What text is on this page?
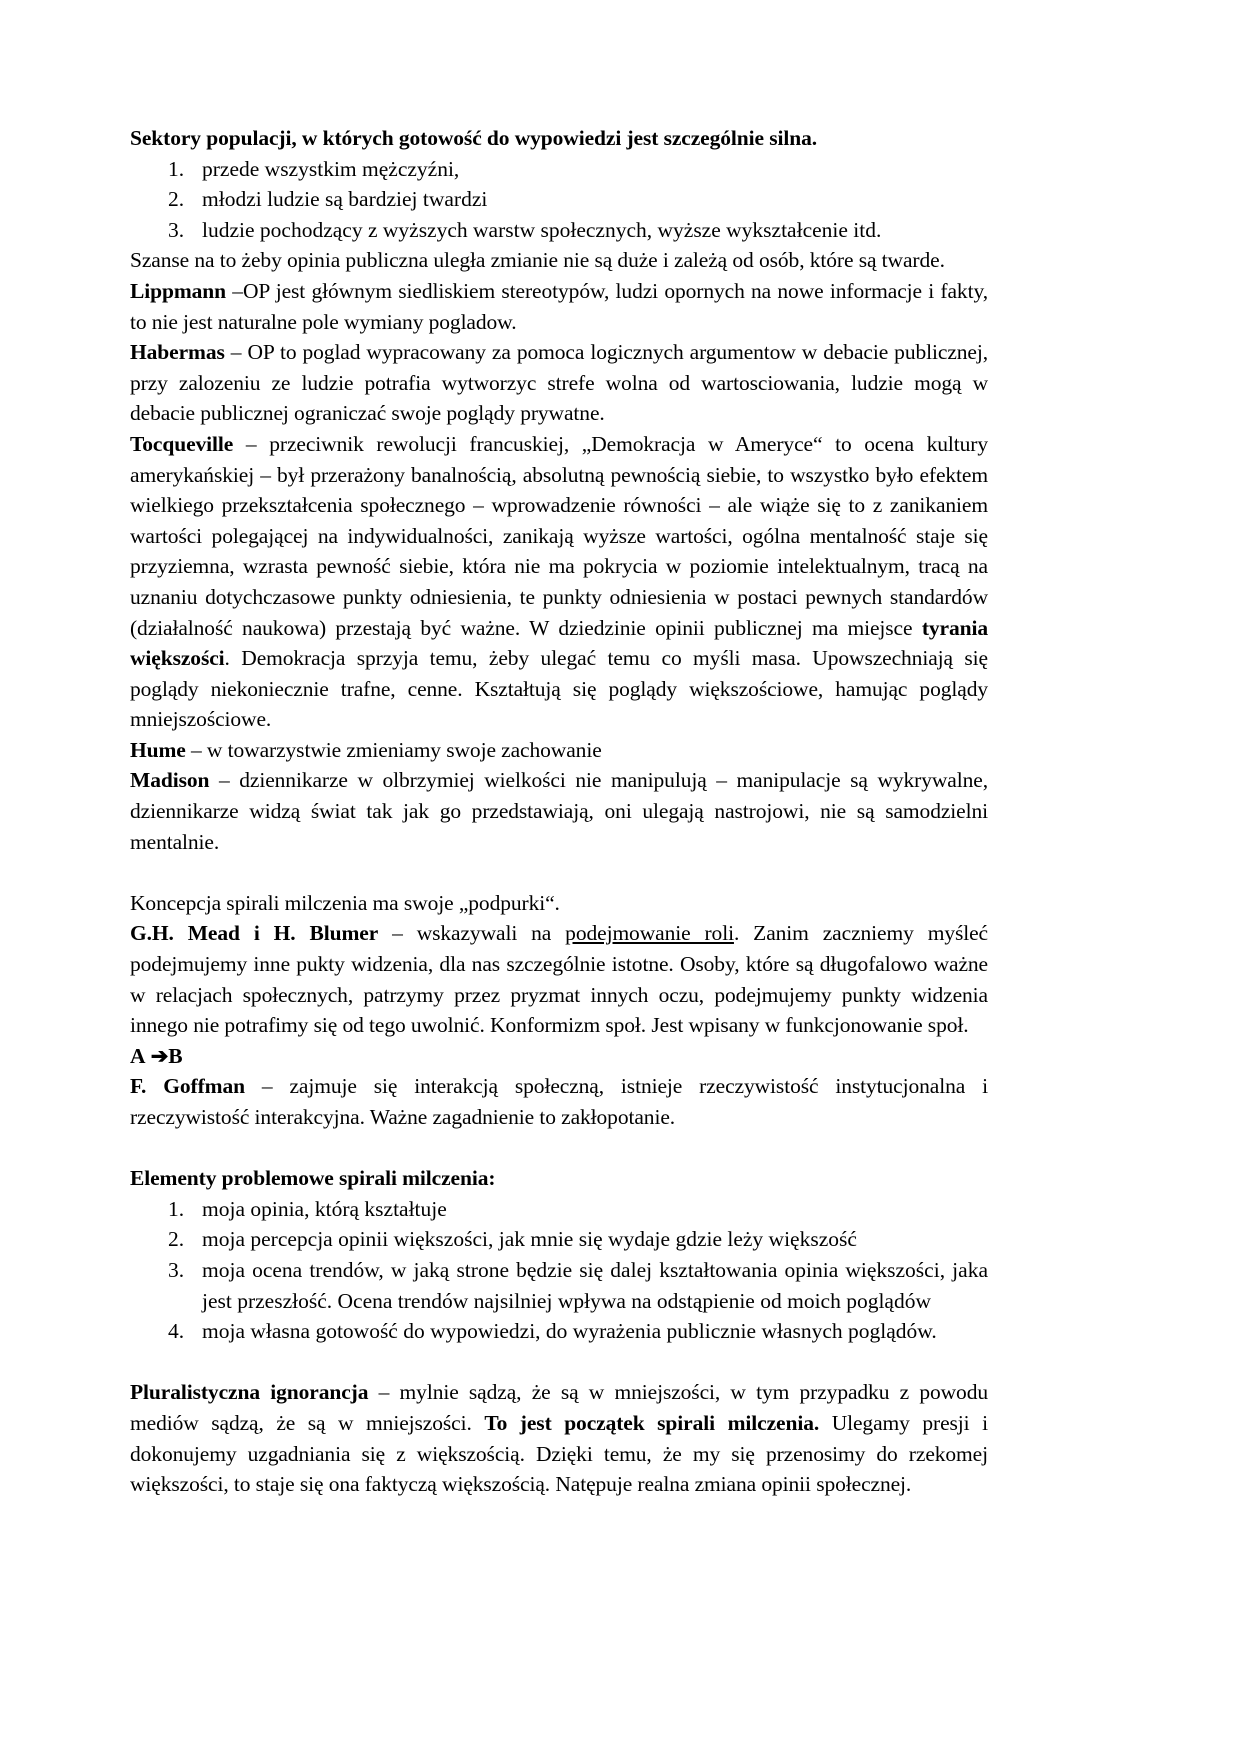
Sektory populacji, w których gotowość do wypowiedzi jest szczególnie silna.

1. przede wszystkim mężczyźni,
2. młodzi ludzie są bardziej twardzi
3. ludzie pochodzący z wyższych warstw społecznych, wyższe wykształcenie itd.

Szanse na to żeby opinia publiczna uległa zmianie nie są duże i zależą od osób, które są twarde.

Lippmann –OP jest głównym siedliskiem stereotypów, ludzi opornych na nowe informacje i fakty, to nie jest naturalne pole wymiany pogladow.

Habermas – OP to poglad wypracowany za pomoca logicznych argumentow w debacie publicznej, przy zalozeniu ze ludzie potrafia wytworzyc strefe wolna od wartosciowania, ludzie mogą w debacie publicznej ograniczać swoje poglądy prywatne.

Tocqueville – przeciwnik rewolucji francuskiej, „Demokracja w Ameryce“ to ocena kultury amerykańskiej – był przerażony banalnością, absolutną pewnością siebie, to wszystko było efektem wielkiego przekształcenia społecznego – wprowadzenie równości – ale wiąże się to z zanikaniem wartości polegającej na indywidualności, zanikają wyższe wartości, ogólna mentalność staje się przyziemna, wzrasta pewność siebie, która nie ma pokrycia w poziomie intelektualnym, tracą na uznaniu dotychczasowe punkty odniesienia, te punkty odniesienia w postaci pewnych standardów (działalność naukowa) przestają być ważne. W dziedzinie opinii publicznej ma miejsce tyrania większości. Demokracja sprzyja temu, żeby ulegać temu co myśli masa. Upowszechniają się poglądy niekoniecznie trafne, cenne. Kształtują się poglądy większościowe, hamując poglądy mniejszościowe.

Hume – w towarzystwie zmieniamy swoje zachowanie

Madison – dziennikarze w olbrzymiej wielkości nie manipulują – manipulacje są wykrywalne, dziennikarze widzą świat tak jak go przedstawiają, oni ulegają nastrojowi, nie są samodzielni mentalnie.

Koncepcja spirali milczenia ma swoje „podpurki“.

G.H. Mead i H. Blumer – wskazywali na podejmowanie roli. Zanim zaczniemy myśleć podejmujemy inne pukty widzenia, dla nas szczególnie istotne. Osoby, które są długofalowo ważne w relacjach społecznych, patrzymy przez pryzmat innych oczu, podejmujemy punkty widzenia innego nie potrafimy się od tego uwolnić. Konformizm społ. Jest wpisany w funkcjonowanie społ.

A ➔B

F. Goffman – zajmuje się interakcją społeczną, istnieje rzeczywistość instytucjonalna i rzeczywistość interakcyjna. Ważne zagadnienie to zakłopotanie.

Elementy problemowe spirali milczenia:

1. moja opinia, którą kształtuje
2. moja percepcja opinii większości, jak mnie się wydaje gdzie leży większość
3. moja ocena trendów, w jaką strone będzie się dalej kształtowania opinia większości, jaka jest przeszłość. Ocena trendów najsilniej wpływa na odstąpienie od moich poglądów
4. moja własna gotowość do wypowiedzi, do wyrażenia publicznie własnych poglądów.

Pluralistyczna ignorancja – mylnie sądzą, że są w mniejszości, w tym przypadku z powodu mediów sądzą, że są w mniejszości. To jest początek spirali milczenia. Ulegamy presji i dokonujemy uzgadniania się z większością. Dzięki temu, że my się przenosimy do rzekomej większości, to staje się ona faktyczą większością. Natępuje realna zmiana opinii społecznej.
